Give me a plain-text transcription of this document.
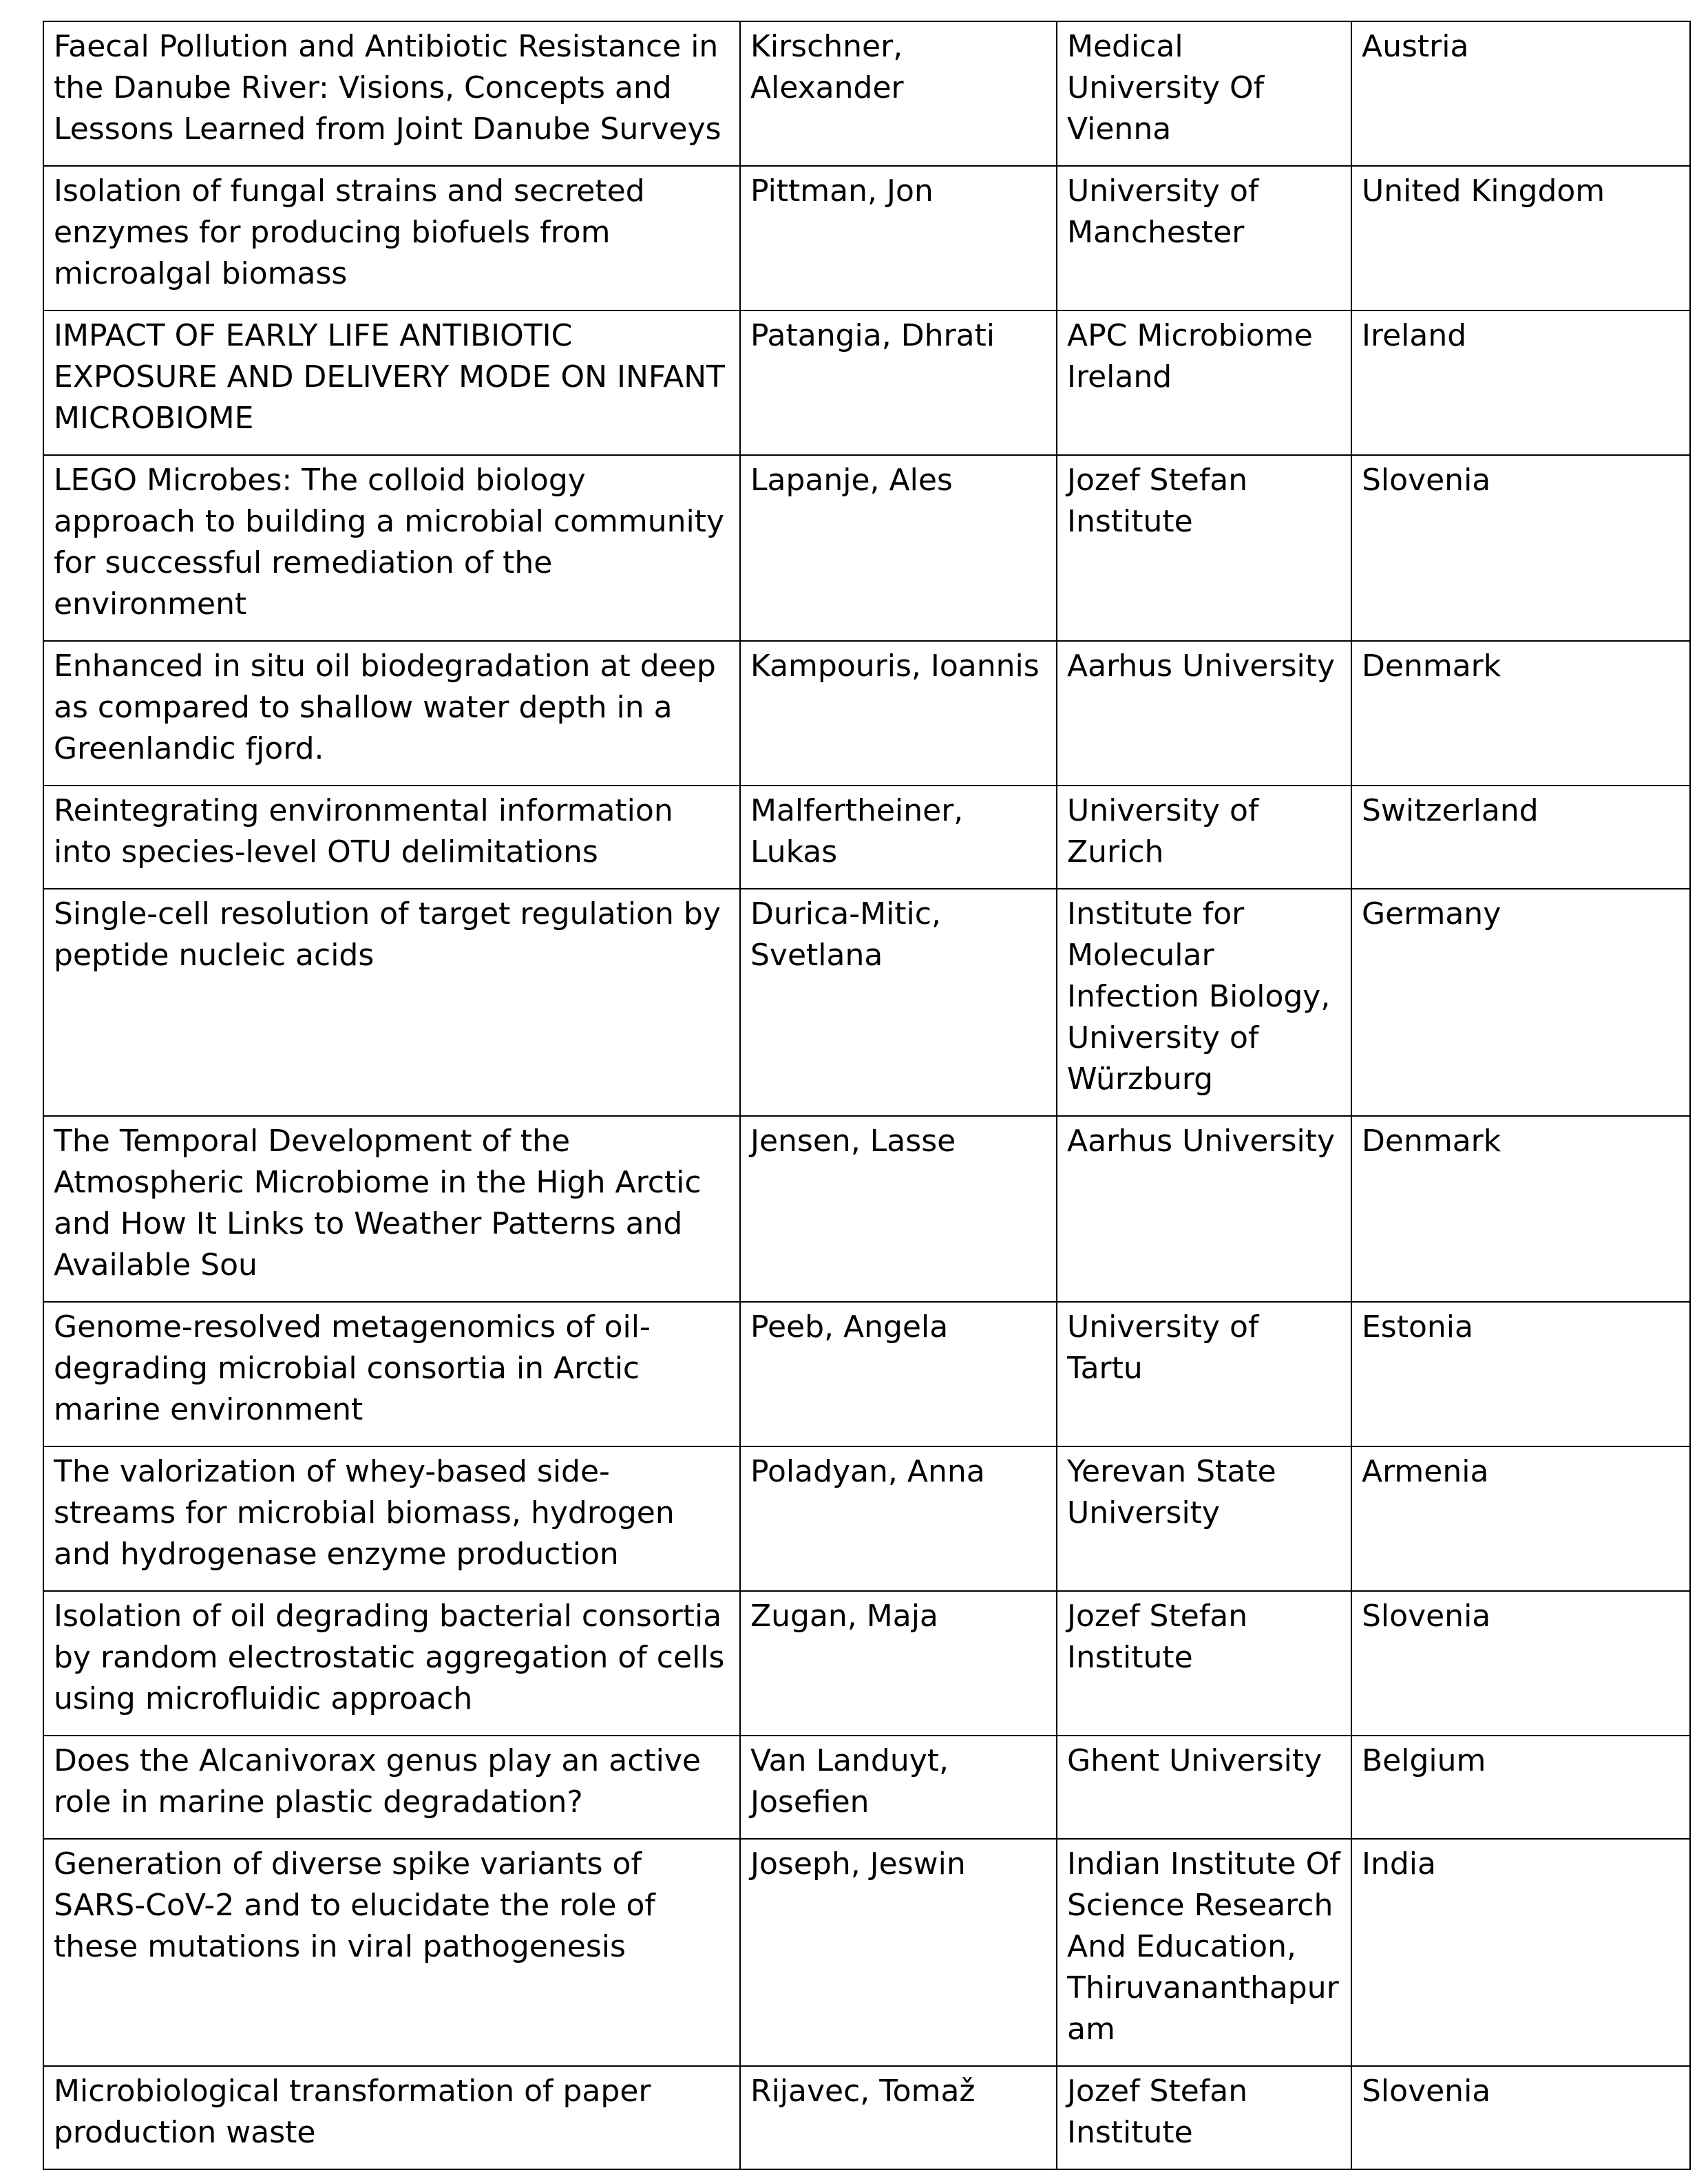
Faecal Pollution and Antibiotic Resistance in the Danube River: Visions, Concepts and Lessons Learned from Joint Danube Surveys	Kirschner, Alexander	Medical University Of Vienna	Austria
Isolation of fungal strains and secreted enzymes for producing biofuels from microalgal biomass	Pittman, Jon	University of Manchester	United Kingdom
IMPACT OF EARLY LIFE ANTIBIOTIC EXPOSURE AND DELIVERY MODE ON INFANT MICROBIOME	Patangia, Dhrati	APC Microbiome Ireland	Ireland
LEGO Microbes: The colloid biology approach to building a microbial community for successful remediation of the environment	Lapanje, Ales	Jozef Stefan Institute	Slovenia
Enhanced in situ oil biodegradation at deep as compared to shallow water depth in a Greenlandic fjord.	Kampouris, Ioannis	Aarhus University	Denmark
Reintegrating environmental information into species-level OTU delimitations	Malfertheiner, Lukas	University of Zurich	Switzerland
Single-cell resolution of target regulation by peptide nucleic acids	Durica-Mitic, Svetlana	Institute for Molecular Infection Biology, University of Würzburg	Germany
The Temporal Development of the Atmospheric Microbiome in the High Arctic and How It Links to Weather Patterns and Available Sou	Jensen, Lasse	Aarhus University	Denmark
Genome-resolved metagenomics of oil-degrading microbial consortia in Arctic marine environment	Peeb, Angela	University of Tartu	Estonia
The valorization of whey-based side-streams for microbial biomass, hydrogen and hydrogenase enzyme production	Poladyan, Anna	Yerevan State University	Armenia
Isolation of oil degrading bacterial consortia by random electrostatic aggregation of cells using microfluidic approach	Zugan, Maja	Jozef Stefan Institute	Slovenia
Does the Alcanivorax genus play an active role in marine plastic degradation?	Van Landuyt, Josefien	Ghent University	Belgium
Generation of diverse spike variants of SARS-CoV-2 and to elucidate the role of these mutations in viral pathogenesis	Joseph, Jeswin	Indian Institute Of Science Research And Education, Thiruvananthapuram	India
Microbiological transformation of paper production waste	Rijavec, Tomaž	Jozef Stefan Institute	Slovenia
